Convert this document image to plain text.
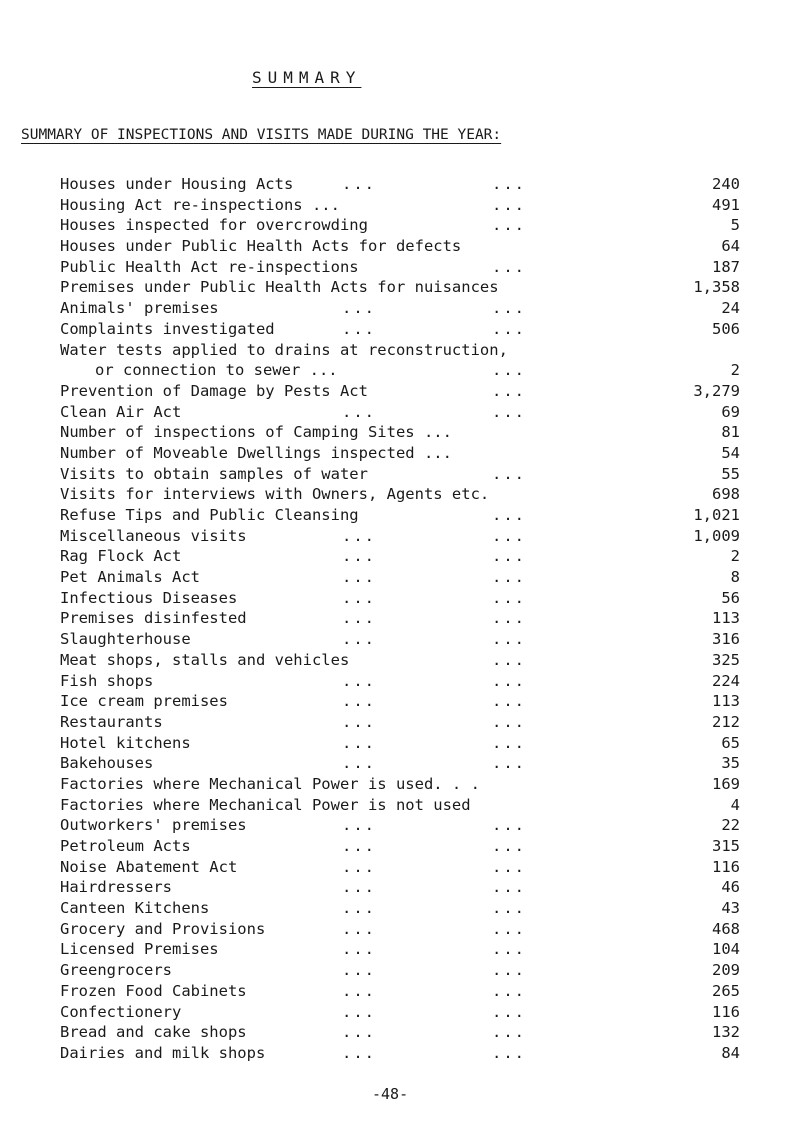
SUMMARY
SUMMARY OF INSPECTIONS AND VISITS MADE DURING THE YEAR:
Houses under Housing Acts	...	...	240
Housing Act re-inspections ...	...	491
Houses inspected for overcrowding	...	5
Houses under Public Health Acts for defects	64
Public Health Act re-inspections	...	187
Premises under Public Health Acts for nuisances	1,358
Animals' premises	...	...	24
Complaints investigated	...	...	506
Water tests applied to drains at reconstruction,
or connection to sewer ...	...	2
Prevention of Damage by Pests Act	...	3,279
Clean Air Act	...	...	69
Number of inspections of Camping Sites ...	81
Number of Moveable Dwellings inspected ...	54
Visits to obtain samples of water	...	55
Visits for interviews with Owners, Agents etc.	698
Refuse Tips and Public Cleansing	...	1,021
Miscellaneous visits	...	...	1,009
Rag Flock Act	...	...	2
Pet Animals Act	...	...	8
Infectious Diseases	...	...	56
Premises disinfested	...	...	113
Slaughterhouse	...	...	316
Meat shops, stalls and vehicles	...	325
Fish shops	...	...	224
Ice cream premises	...	...	113
Restaurants	...	...	212
Hotel kitchens	...	...	65
Bakehouses	...	...	35
Factories where Mechanical Power is used. . .	169
Factories where Mechanical Power is not used	4
Outworkers' premises	...	...	22
Petroleum Acts	...	...	315
Noise Abatement Act	...	...	116
Hairdressers	...	...	46
Canteen Kitchens	...	...	43
Grocery and Provisions	...	...	468
Licensed Premises	...	...	104
Greengrocers	...	...	209
Frozen Food Cabinets	...	...	265
Confectionery	...	...	116
Bread and cake shops	...	...	132
Dairies and milk shops	...	...	84
-48-
